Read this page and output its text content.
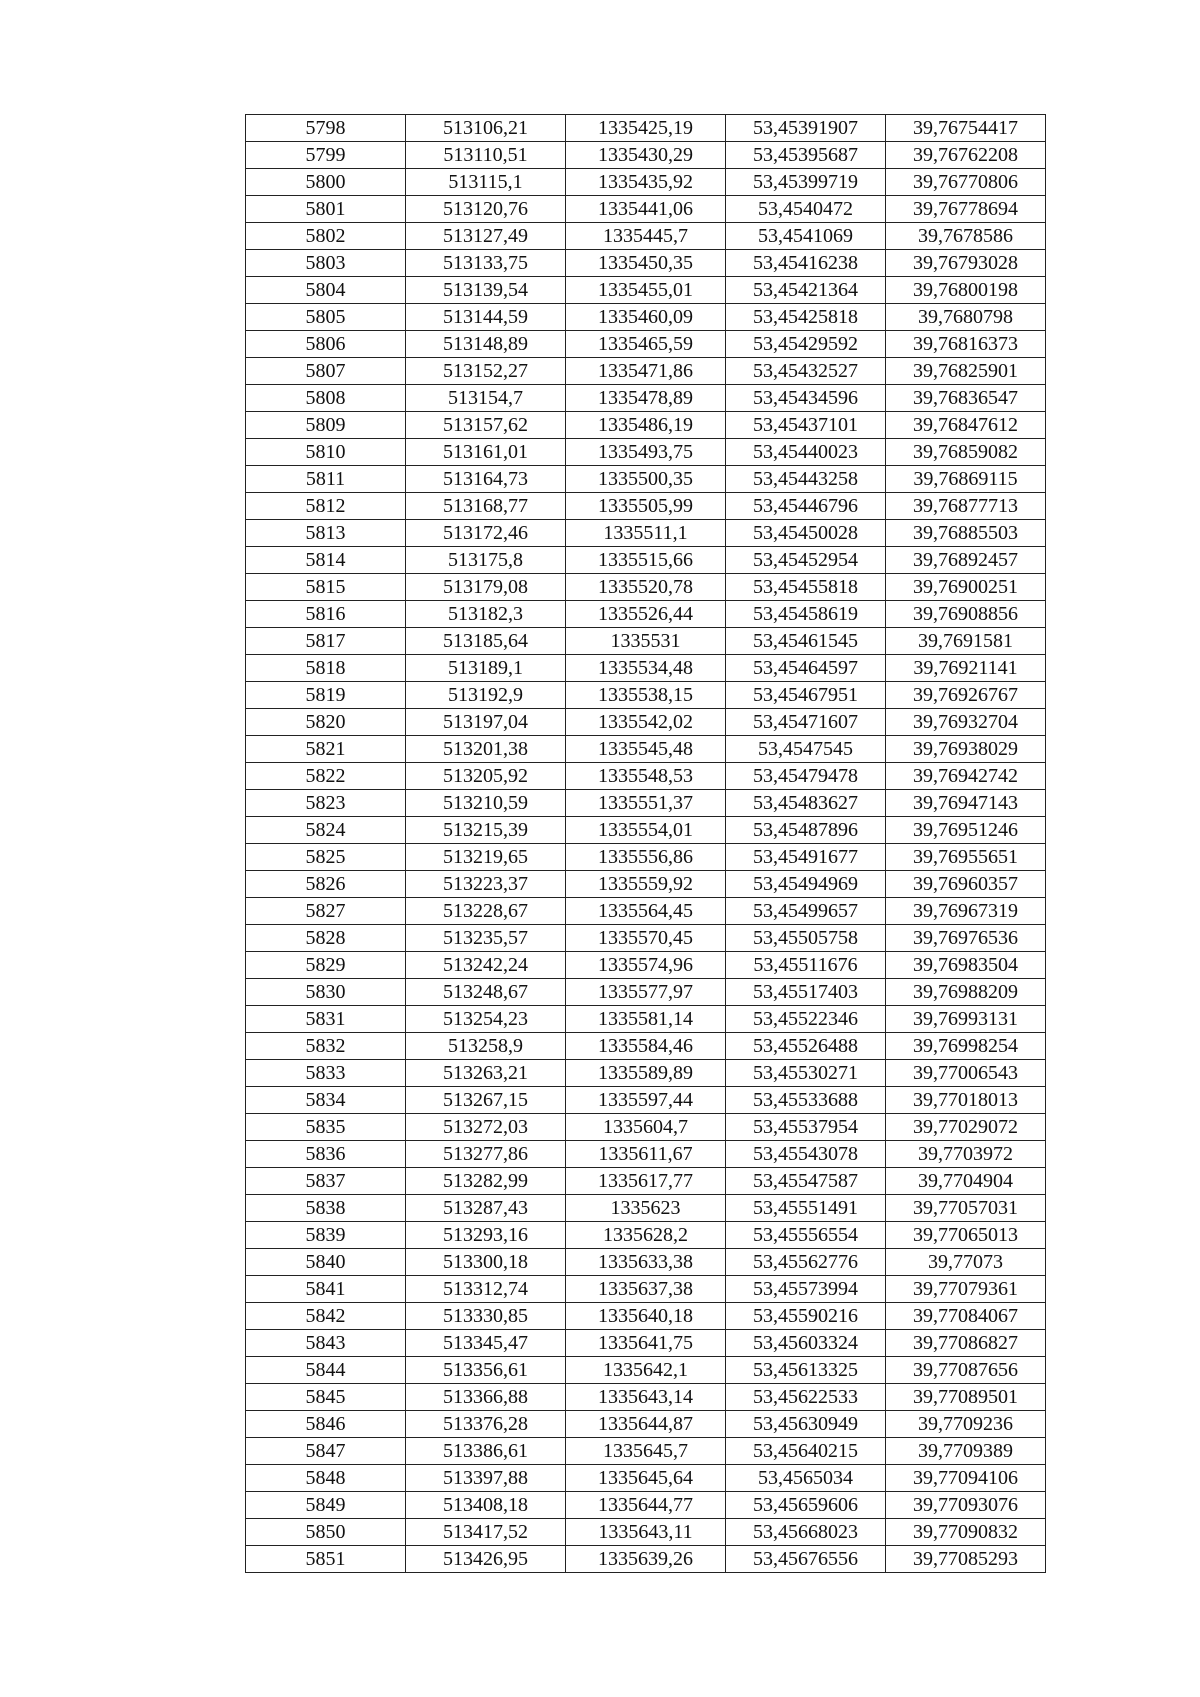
5798	513106,21	1335425,19	53,45391907	39,76754417
5799	513110,51	1335430,29	53,45395687	39,76762208
5800	513115,1	1335435,92	53,45399719	39,76770806
5801	513120,76	1335441,06	53,4540472	39,76778694
5802	513127,49	1335445,7	53,4541069	39,7678586
5803	513133,75	1335450,35	53,45416238	39,76793028
5804	513139,54	1335455,01	53,45421364	39,76800198
5805	513144,59	1335460,09	53,45425818	39,7680798
5806	513148,89	1335465,59	53,45429592	39,76816373
5807	513152,27	1335471,86	53,45432527	39,76825901
5808	513154,7	1335478,89	53,45434596	39,76836547
5809	513157,62	1335486,19	53,45437101	39,76847612
5810	513161,01	1335493,75	53,45440023	39,76859082
5811	513164,73	1335500,35	53,45443258	39,76869115
5812	513168,77	1335505,99	53,45446796	39,76877713
5813	513172,46	1335511,1	53,45450028	39,76885503
5814	513175,8	1335515,66	53,45452954	39,76892457
5815	513179,08	1335520,78	53,45455818	39,76900251
5816	513182,3	1335526,44	53,45458619	39,76908856
5817	513185,64	1335531	53,45461545	39,7691581
5818	513189,1	1335534,48	53,45464597	39,76921141
5819	513192,9	1335538,15	53,45467951	39,76926767
5820	513197,04	1335542,02	53,45471607	39,76932704
5821	513201,38	1335545,48	53,4547545	39,76938029
5822	513205,92	1335548,53	53,45479478	39,76942742
5823	513210,59	1335551,37	53,45483627	39,76947143
5824	513215,39	1335554,01	53,45487896	39,76951246
5825	513219,65	1335556,86	53,45491677	39,76955651
5826	513223,37	1335559,92	53,45494969	39,76960357
5827	513228,67	1335564,45	53,45499657	39,76967319
5828	513235,57	1335570,45	53,45505758	39,76976536
5829	513242,24	1335574,96	53,45511676	39,76983504
5830	513248,67	1335577,97	53,45517403	39,76988209
5831	513254,23	1335581,14	53,45522346	39,76993131
5832	513258,9	1335584,46	53,45526488	39,76998254
5833	513263,21	1335589,89	53,45530271	39,77006543
5834	513267,15	1335597,44	53,45533688	39,77018013
5835	513272,03	1335604,7	53,45537954	39,77029072
5836	513277,86	1335611,67	53,45543078	39,7703972
5837	513282,99	1335617,77	53,45547587	39,7704904
5838	513287,43	1335623	53,45551491	39,77057031
5839	513293,16	1335628,2	53,45556554	39,77065013
5840	513300,18	1335633,38	53,45562776	39,77073
5841	513312,74	1335637,38	53,45573994	39,77079361
5842	513330,85	1335640,18	53,45590216	39,77084067
5843	513345,47	1335641,75	53,45603324	39,77086827
5844	513356,61	1335642,1	53,45613325	39,77087656
5845	513366,88	1335643,14	53,45622533	39,77089501
5846	513376,28	1335644,87	53,45630949	39,7709236
5847	513386,61	1335645,7	53,45640215	39,7709389
5848	513397,88	1335645,64	53,4565034	39,77094106
5849	513408,18	1335644,77	53,45659606	39,77093076
5850	513417,52	1335643,11	53,45668023	39,77090832
5851	513426,95	1335639,26	53,45676556	39,77085293
